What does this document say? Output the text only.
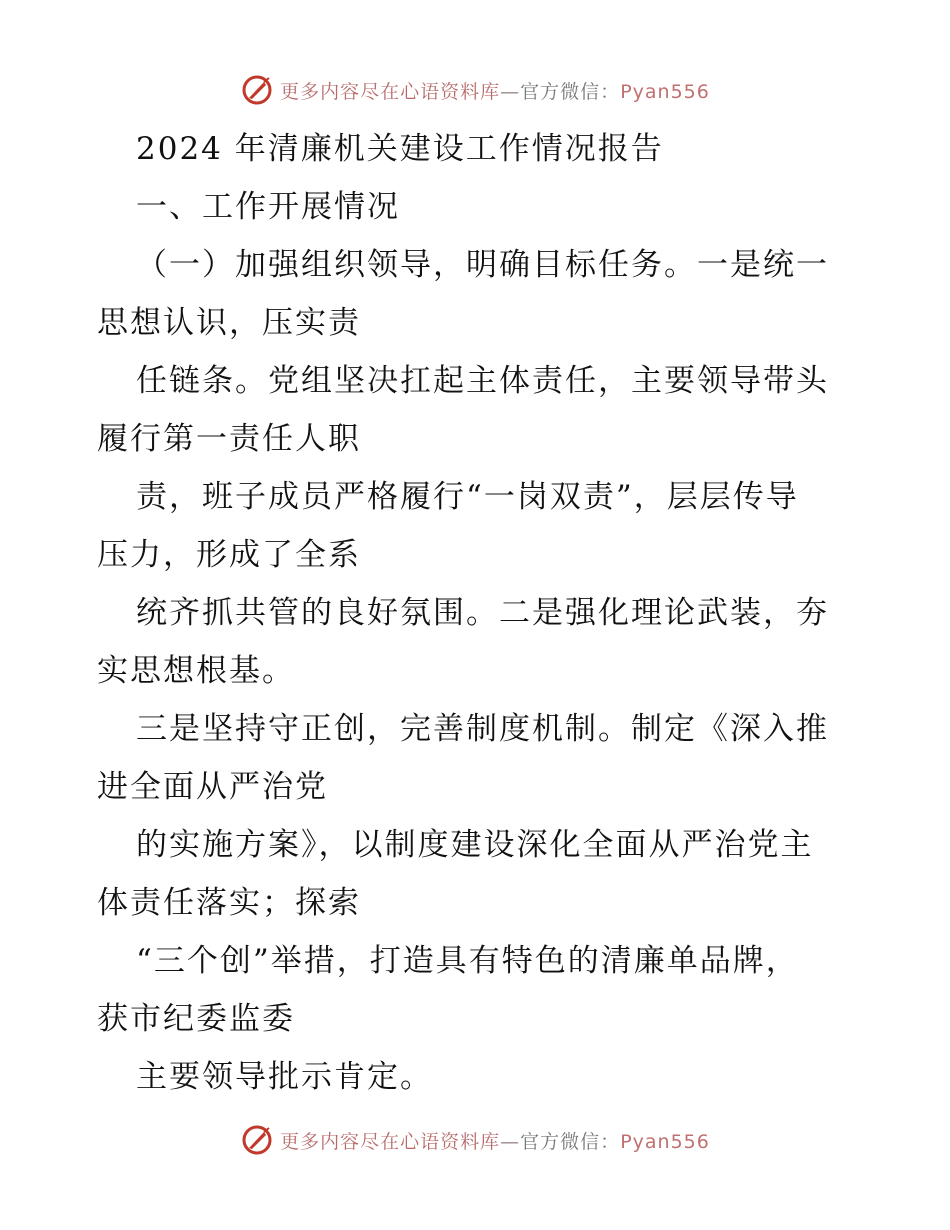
更多内容尽在心语资料库—官方微信：Pyan556
2024 年清廉机关建设工作情况报告
一、工作开展情况
（一）加强组织领导，明确目标任务。一是统一
思想认识，压实责
任链条。党组坚决扛起主体责任，主要领导带头
履行第一责任人职
责，班子成员严格履行“一岗双责”，层层传导
压力，形成了全系
统齐抓共管的良好氛围。二是强化理论武装，夯
实思想根基。
三是坚持守正创，完善制度机制。制定《深入推
进全面从严治党
的实施方案》，以制度建设深化全面从严治党主
体责任落实；探索
“三个创”举措，打造具有特色的清廉单品牌，
获市纪委监委
主要领导批示肯定。
更多内容尽在心语资料库—官方微信：Pyan556
